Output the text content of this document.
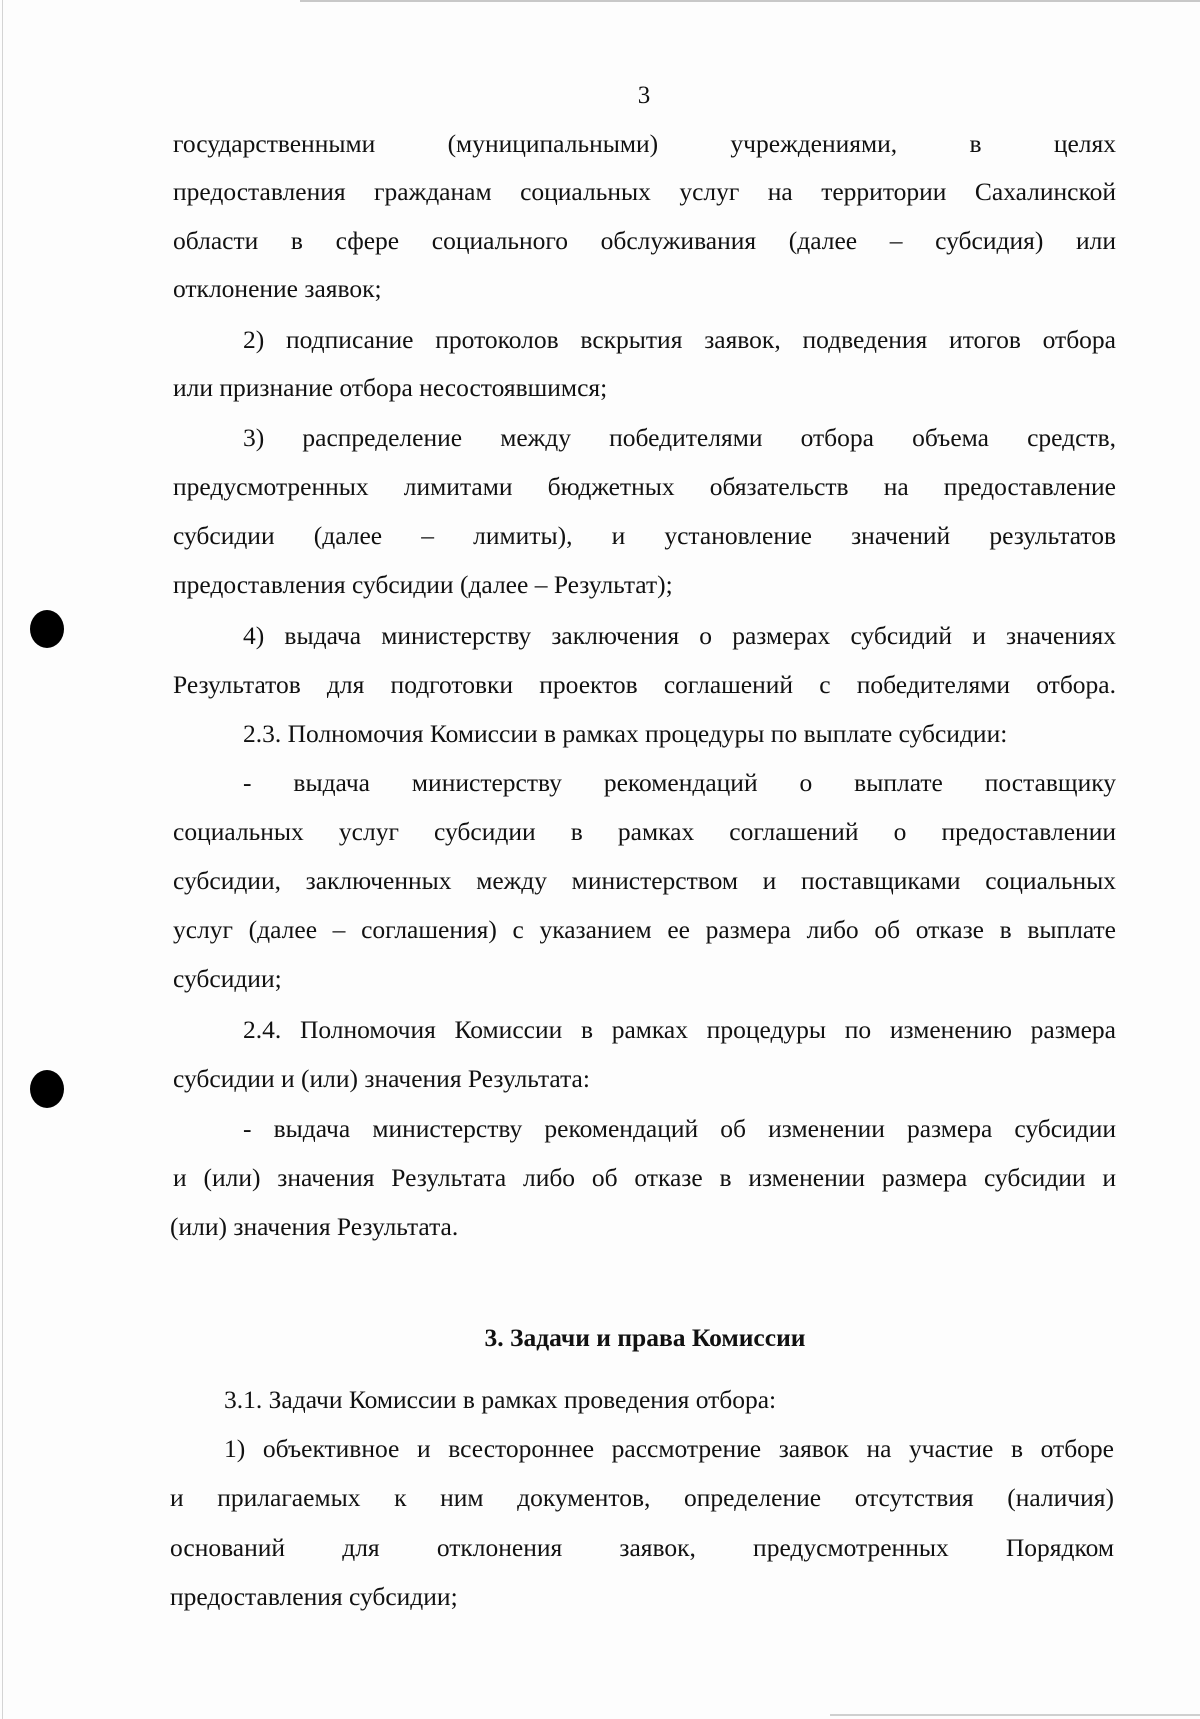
3
государственными (муниципальными) учреждениями, в целях
предоставления гражданам социальных услуг на территории Сахалинской
области в сфере социального обслуживания (далее – субсидия) или
отклонение заявок;
2) подписание протоколов вскрытия заявок, подведения итогов отбора
или признание отбора несостоявшимся;
3) распределение между победителями отбора объема средств,
предусмотренных лимитами бюджетных обязательств на предоставление
субсидии (далее – лимиты), и установление значений результатов
предоставления субсидии (далее – Результат);
4) выдача министерству заключения о размерах субсидий и значениях
Результатов для подготовки проектов соглашений с победителями отбора.
2.3. Полномочия Комиссии в рамках процедуры по выплате субсидии:
- выдача министерству рекомендаций о выплате поставщику
социальных услуг субсидии в рамках соглашений о предоставлении
субсидии, заключенных между министерством и поставщиками социальных
услуг (далее – соглашения) с указанием ее размера либо об отказе в выплате
субсидии;
2.4. Полномочия Комиссии в рамках процедуры по изменению размера
субсидии и (или) значения Результата:
- выдача министерству рекомендаций об изменении размера субсидии
и (или) значения Результата либо об отказе в изменении размера субсидии и
(или) значения Результата.
3. Задачи и права Комиссии
3.1. Задачи Комиссии в рамках проведения отбора:
1) объективное и всестороннее рассмотрение заявок на участие в отборе
и прилагаемых к ним документов, определение отсутствия (наличия)
оснований для отклонения заявок, предусмотренных Порядком
предоставления субсидии;
